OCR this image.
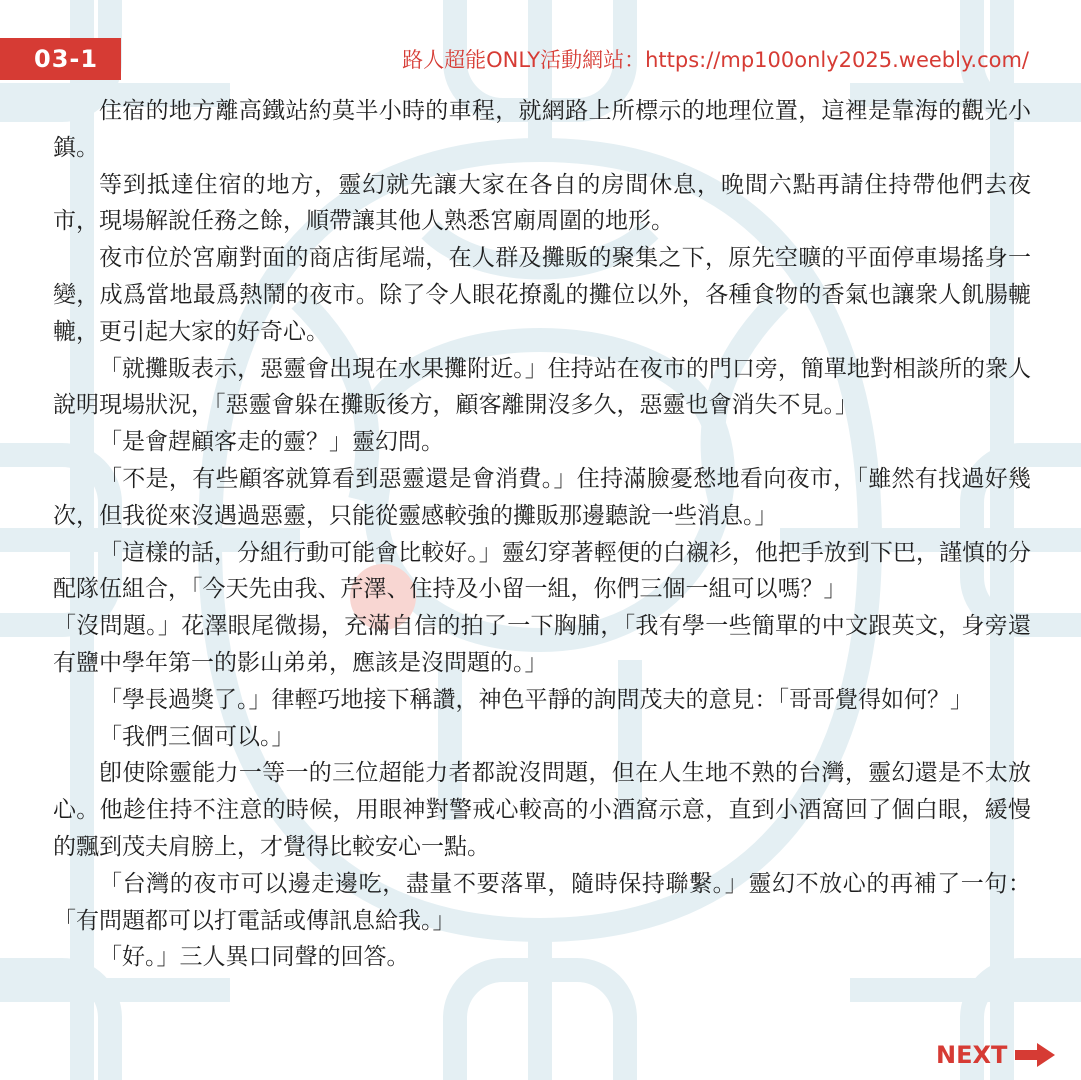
03-1	路人超能ONLY活動網站：https://mp100only2025.weebly.com/

住宿的地方離高鐵站約莫半小時的車程，就網路上所標示的地理位置，這裡是靠海的觀光小鎮。

等到抵達住宿的地方，靈幻就先讓大家在各自的房間休息，晚間六點再請住持帶他們去夜市，現場解說任務之餘，順帶讓其他人熟悉宮廟周圍的地形。

夜市位於宮廟對面的商店街尾端，在人群及攤販的聚集之下，原先空曠的平面停車場搖身一變，成爲當地最爲熱鬧的夜市。除了令人眼花撩亂的攤位以外，各種食物的香氣也讓衆人飢腸轆轆，更引起大家的好奇心。

「就攤販表示，惡靈會出現在水果攤附近。」住持站在夜市的門口旁，簡單地對相談所的衆人說明現場狀況，「惡靈會躲在攤販後方，顧客離開沒多久，惡靈也會消失不見。」

「是會趕顧客走的靈？」靈幻問。

「不是，有些顧客就算看到惡靈還是會消費。」住持滿臉憂愁地看向夜市，「雖然有找過好幾次，但我從來沒遇過惡靈，只能從靈感較強的攤販那邊聽說一些消息。」

「這樣的話，分組行動可能會比較好。」靈幻穿著輕便的白襯衫，他把手放到下巴，謹慎的分配隊伍組合，「今天先由我、芹澤、住持及小留一組，你們三個一組可以嗎？」

「沒問題。」花澤眼尾微揚，充滿自信的拍了一下胸脯，「我有學一些簡單的中文跟英文，身旁還有鹽中學年第一的影山弟弟，應該是沒問題的。」

「學長過獎了。」律輕巧地接下稱讚，神色平靜的詢問茂夫的意見：「哥哥覺得如何？」

「我們三個可以。」

卽使除靈能力一等一的三位超能力者都說沒問題，但在人生地不熟的台灣，靈幻還是不太放心。他趁住持不注意的時候，用眼神對警戒心較高的小酒窩示意，直到小酒窩回了個白眼，緩慢的飄到茂夫肩膀上，才覺得比較安心一點。

「台灣的夜市可以邊走邊吃，盡量不要落單，隨時保持聯繫。」靈幻不放心的再補了一句：「有問題都可以打電話或傳訊息給我。」

「好。」三人異口同聲的回答。

NEXT
